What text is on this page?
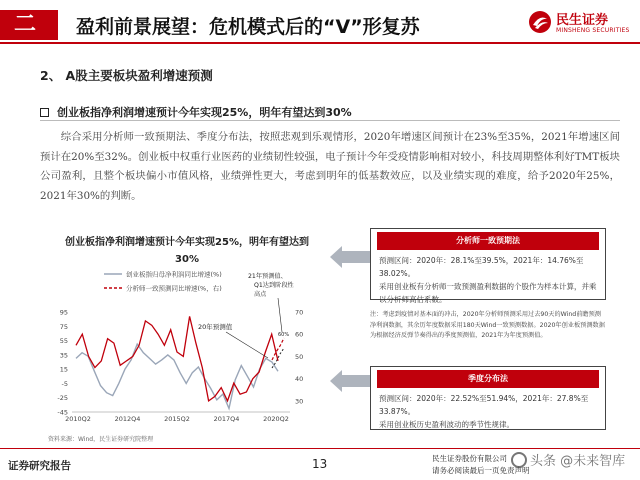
二	盈利前景展望：危机模式后的“V”形复苏	民生证券
MINSHENG SECURITIES
2、 A股主要板块盈利增速预测
创业板指净利润增速预计今年实现25%，明年有望达到30%
综合采用分析师一致预期法、季度分布法，按照悲观到乐观情形，2020年增速区间预计在23%至35%，2021年增速区间预计在20%至32%。创业板中权重行业医药的业绩韧性较强，电子预计今年受疫情影响相对较小，科技周期整体利好TMT板块公司盈利，且整个板块偏小市值风格，业绩弹性更大，考虑到明年的低基数效应，以及业绩实现的难度，给予2020年25%，2021年30%的判断。
创业板指净利润增速预计今年实现25%，明年有望达到30%
95
75
55
35
15
-5
-25
-45
70
60
50
40
30
2010Q2	2012Q4	2015Q2	2017Q4	2020Q2
创业板指归母净利润同比增速(%)
分析师一致预测同比增速(%，右)
20年预测值
21年预测值、
Q1达到阶段性
高点
60%
资料来源：Wind，民生证券研究院整理
分析师一致预期法
预测区间：2020年：28.1%至39.5%，2021年：14.76%至38.02%。
采用创业板有分析师一致预测盈利数据的个股作为样本计算，并乘以分析师高估系数。
注：考虑到疫情对基本面的冲击，2020年分析师预测采用过去90天的Wind前瞻预测净利润数据，其余历年度数据采用180天Wind一致预测数据。2020年创业板预测数据为根据经济反弹节奏得出的季度预测值，2021年为年度预测值。
季度分布法
预测区间：2020年：22.52%至51.94%，2021年：27.8%至33.87%。
采用创业板历史盈利波动的季节性规律。
证券研究报告	13	民生证券股份有限公司
请务必阅读最后一页免责声明
头条 @未来智库
